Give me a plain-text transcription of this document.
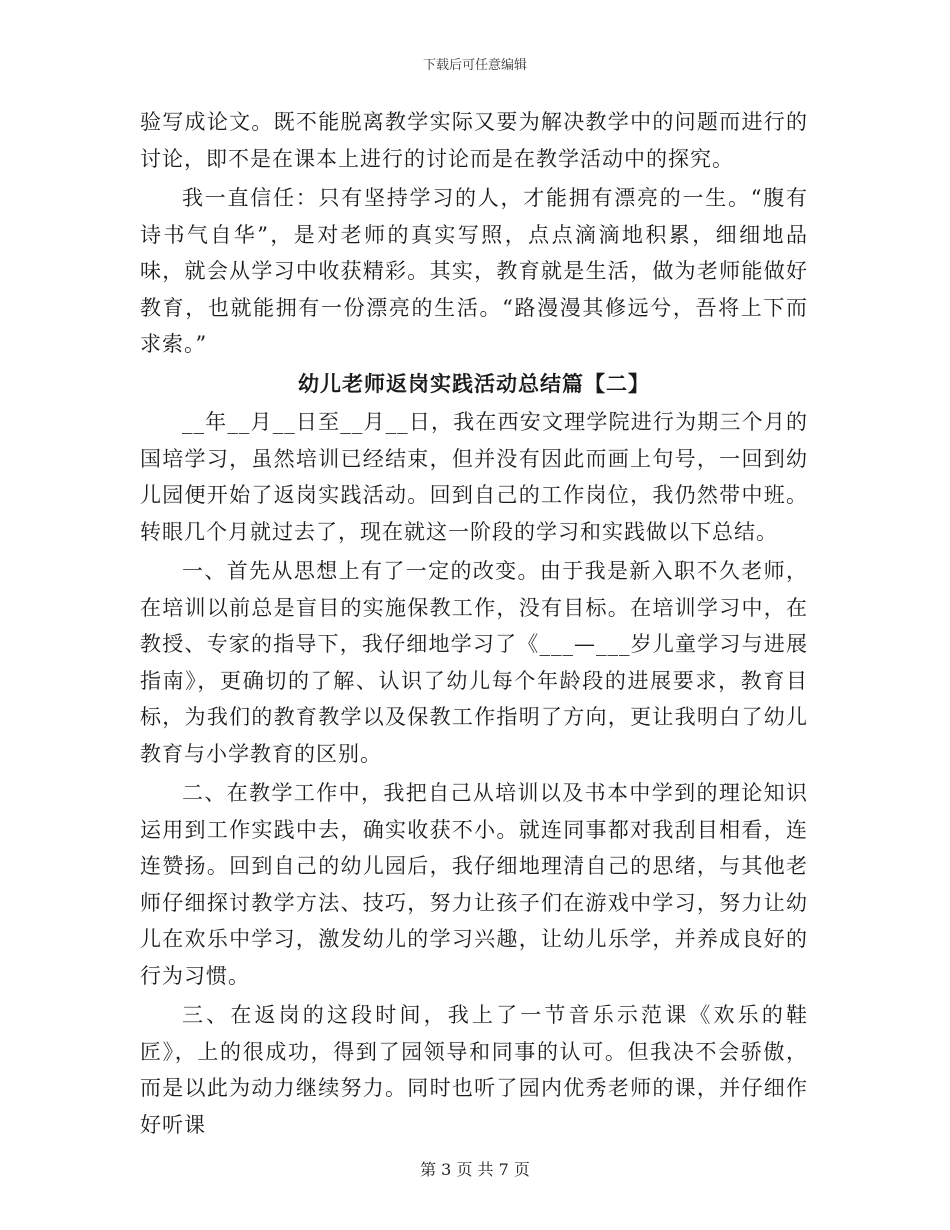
下载后可任意编辑

验写成论文。既不能脱离教学实际又要为解决教学中的问题而进行的讨论，即不是在课本上进行的讨论而是在教学活动中的探究。

我一直信任：只有坚持学习的人，才能拥有漂亮的一生。“腹有诗书气自华”，是对老师的真实写照，点点滴滴地积累，细细地品味，就会从学习中收获精彩。其实，教育就是生活，做为老师能做好教育，也就能拥有一份漂亮的生活。“路漫漫其修远兮，吾将上下而求索。”

幼儿老师返岗实践活动总结篇【二】

__年__月__日至__月__日，我在西安文理学院进行为期三个月的国培学习，虽然培训已经结束，但并没有因此而画上句号，一回到幼儿园便开始了返岗实践活动。回到自己的工作岗位，我仍然带中班。转眼几个月就过去了，现在就这一阶段的学习和实践做以下总结。

一、首先从思想上有了一定的改变。由于我是新入职不久老师，在培训以前总是盲目的实施保教工作，没有目标。在培训学习中，在教授、专家的指导下，我仔细地学习了《___—___岁儿童学习与进展指南》，更确切的了解、认识了幼儿每个年龄段的进展要求，教育目标，为我们的教育教学以及保教工作指明了方向，更让我明白了幼儿教育与小学教育的区别。

二、在教学工作中，我把自己从培训以及书本中学到的理论知识运用到工作实践中去，确实收获不小。就连同事都对我刮目相看，连连赞扬。回到自己的幼儿园后，我仔细地理清自己的思绪，与其他老师仔细探讨教学方法、技巧，努力让孩子们在游戏中学习，努力让幼儿在欢乐中学习，激发幼儿的学习兴趣，让幼儿乐学，并养成良好的行为习惯。

三、在返岗的这段时间，我上了一节音乐示范课《欢乐的鞋匠》，上的很成功，得到了园领导和同事的认可。但我决不会骄傲，而是以此为动力继续努力。同时也听了园内优秀老师的课，并仔细作好听课

第 3 页 共 7 页
